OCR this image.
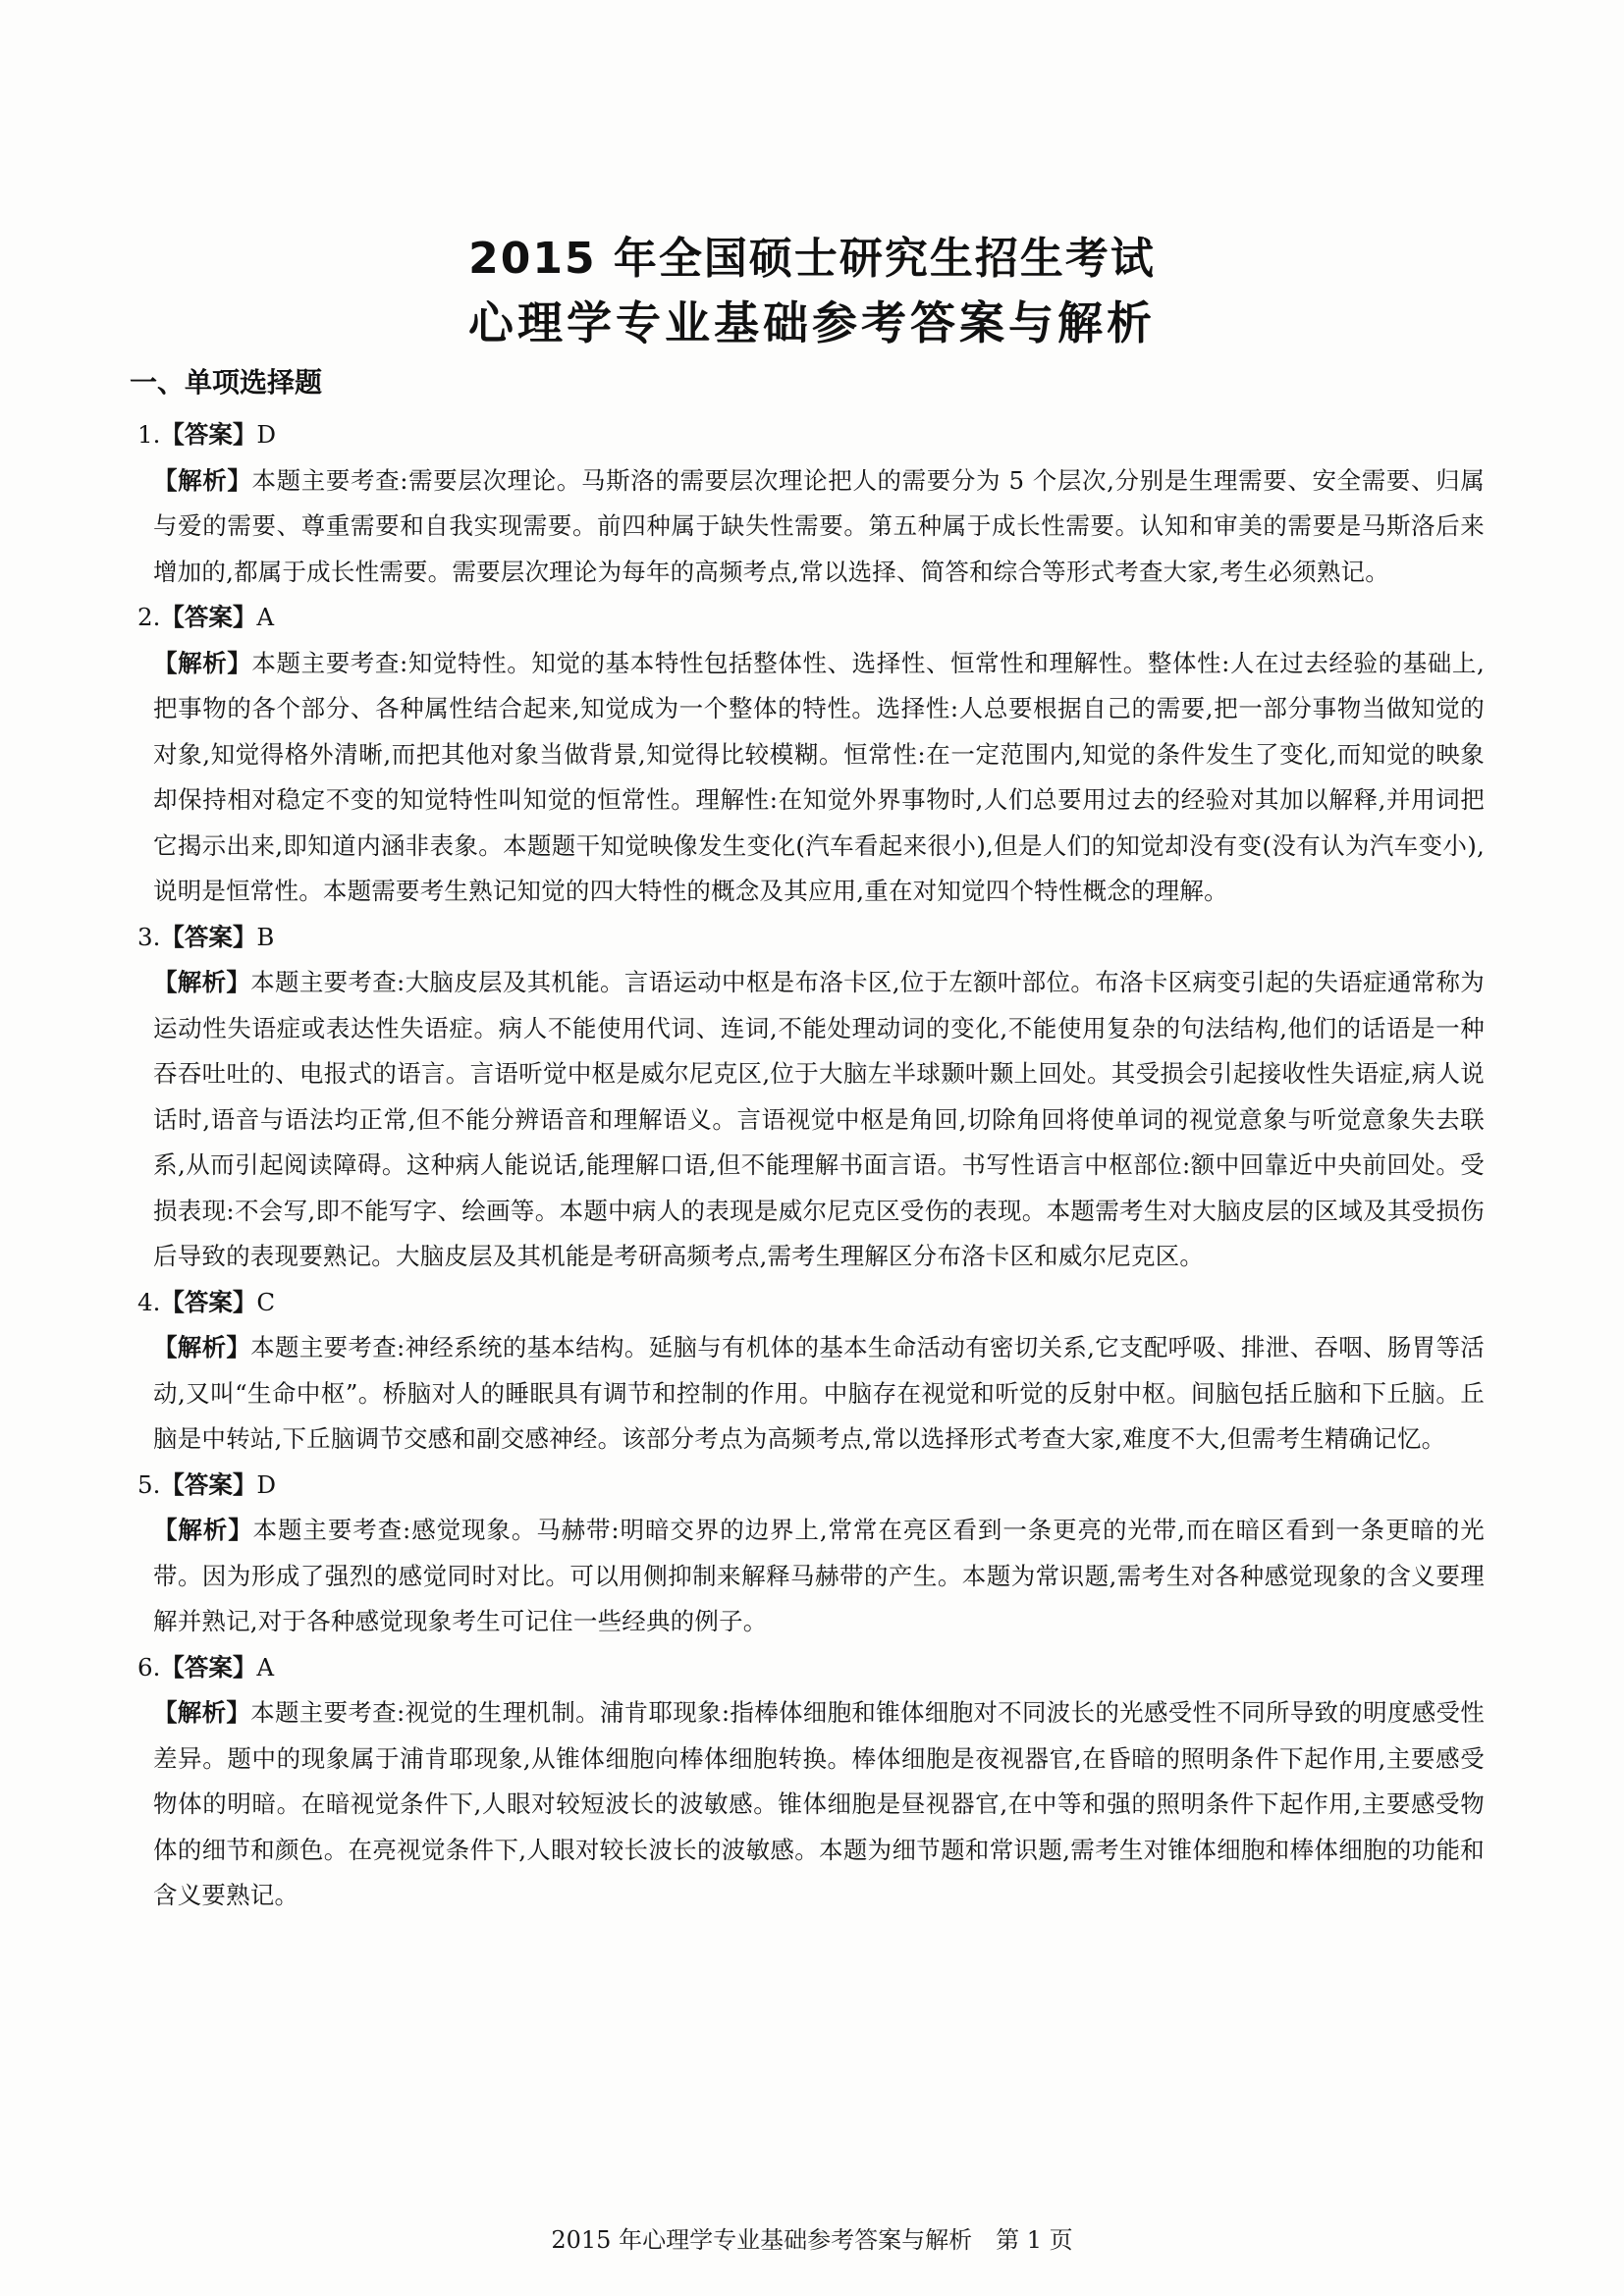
2015 年全国硕士研究生招生考试
心理学专业基础参考答案与解析
一、单项选择题

1.【答案】D

【解析】本题主要考查:需要层次理论。马斯洛的需要层次理论把人的需要分为 5 个层次,分别是生理需要、安全需要、归属与爱的需要、尊重需要和自我实现需要。前四种属于缺失性需要。第五种属于成长性需要。认知和审美的需要是马斯洛后来增加的,都属于成长性需要。需要层次理论为每年的高频考点,常以选择、简答和综合等形式考查大家,考生必须熟记。

2.【答案】A

【解析】本题主要考查:知觉特性。知觉的基本特性包括整体性、选择性、恒常性和理解性。整体性:人在过去经验的基础上,把事物的各个部分、各种属性结合起来,知觉成为一个整体的特性。选择性:人总要根据自己的需要,把一部分事物当做知觉的对象,知觉得格外清晰,而把其他对象当做背景,知觉得比较模糊。恒常性:在一定范围内,知觉的条件发生了变化,而知觉的映象却保持相对稳定不变的知觉特性叫知觉的恒常性。理解性:在知觉外界事物时,人们总要用过去的经验对其加以解释,并用词把它揭示出来,即知道内涵非表象。本题题干知觉映像发生变化(汽车看起来很小),但是人们的知觉却没有变(没有认为汽车变小),说明是恒常性。本题需要考生熟记知觉的四大特性的概念及其应用,重在对知觉四个特性概念的理解。

3.【答案】B

【解析】本题主要考查:大脑皮层及其机能。言语运动中枢是布洛卡区,位于左额叶部位。布洛卡区病变引起的失语症通常称为运动性失语症或表达性失语症。病人不能使用代词、连词,不能处理动词的变化,不能使用复杂的句法结构,他们的话语是一种吞吞吐吐的、电报式的语言。言语听觉中枢是威尔尼克区,位于大脑左半球颞叶颞上回处。其受损会引起接收性失语症,病人说话时,语音与语法均正常,但不能分辨语音和理解语义。言语视觉中枢是角回,切除角回将使单词的视觉意象与听觉意象失去联系,从而引起阅读障碍。这种病人能说话,能理解口语,但不能理解书面言语。书写性语言中枢部位:额中回靠近中央前回处。受损表现:不会写,即不能写字、绘画等。本题中病人的表现是威尔尼克区受伤的表现。本题需考生对大脑皮层的区域及其受损伤后导致的表现要熟记。大脑皮层及其机能是考研高频考点,需考生理解区分布洛卡区和威尔尼克区。

4.【答案】C

【解析】本题主要考查:神经系统的基本结构。延脑与有机体的基本生命活动有密切关系,它支配呼吸、排泄、吞咽、肠胃等活动,又叫“生命中枢”。桥脑对人的睡眠具有调节和控制的作用。中脑存在视觉和听觉的反射中枢。间脑包括丘脑和下丘脑。丘脑是中转站,下丘脑调节交感和副交感神经。该部分考点为高频考点,常以选择形式考查大家,难度不大,但需考生精确记忆。

5.【答案】D

【解析】本题主要考查:感觉现象。马赫带:明暗交界的边界上,常常在亮区看到一条更亮的光带,而在暗区看到一条更暗的光带。因为形成了强烈的感觉同时对比。可以用侧抑制来解释马赫带的产生。本题为常识题,需考生对各种感觉现象的含义要理解并熟记,对于各种感觉现象考生可记住一些经典的例子。

6.【答案】A

【解析】本题主要考查:视觉的生理机制。浦肯耶现象:指棒体细胞和锥体细胞对不同波长的光感受性不同所导致的明度感受性差异。题中的现象属于浦肯耶现象,从锥体细胞向棒体细胞转换。棒体细胞是夜视器官,在昏暗的照明条件下起作用,主要感受物体的明暗。在暗视觉条件下,人眼对较短波长的波敏感。锥体细胞是昼视器官,在中等和强的照明条件下起作用,主要感受物体的细节和颜色。在亮视觉条件下,人眼对较长波长的波敏感。本题为细节题和常识题,需考生对锥体细胞和棒体细胞的功能和含义要熟记。

2015 年心理学专业基础参考答案与解析 第 1 页
